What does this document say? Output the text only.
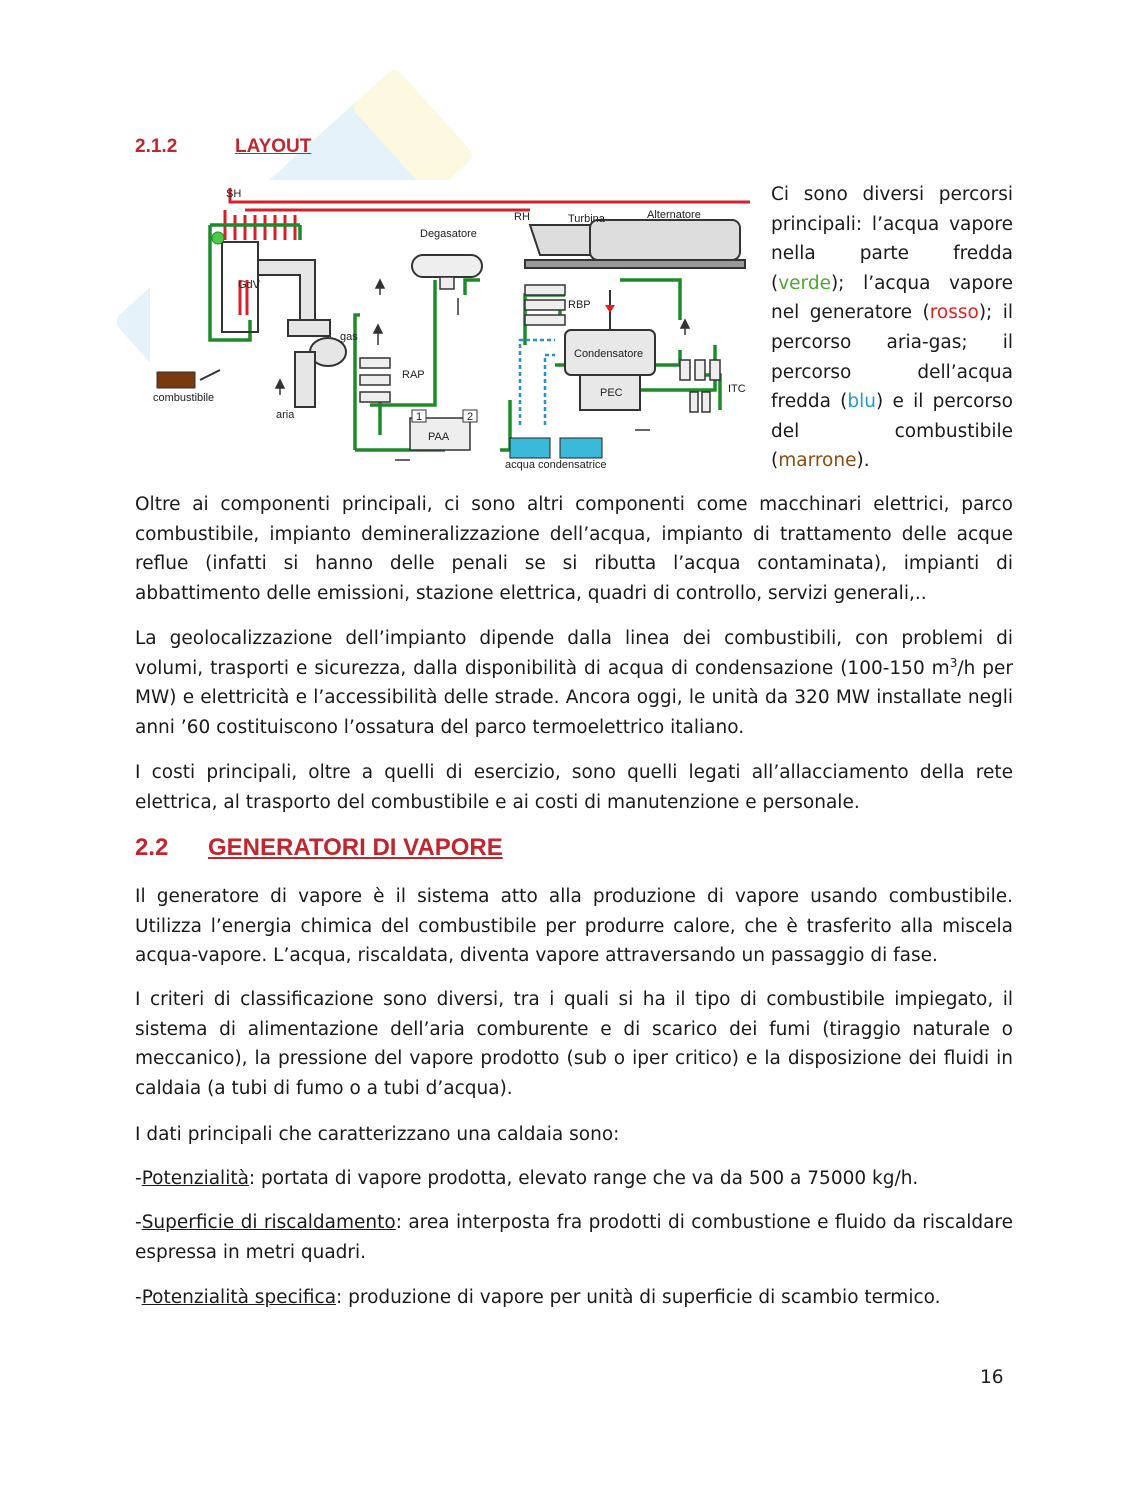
2.1.2	LAYOUT
SH
RH	Turbina	Alternatore
Degasatore
GdV
gas
RBP
Condensatore
RAP
PEC	ITC
PAA
1	2
combustibile
aria
acqua condensatrice
Ci sono diversi percorsi principali: l’acqua vapore nella parte fredda (verde); l’acqua vapore nel generatore (rosso); il percorso aria-gas; il percorso dell’acqua fredda (blu) e il percorso del combustibile (marrone).

Oltre ai componenti principali, ci sono altri componenti come macchinari elettrici, parco combustibile, impianto demineralizzazione dell’acqua, impianto di trattamento delle acque reflue (infatti si hanno delle penali se si ributta l’acqua contaminata), impianti di abbattimento delle emissioni, stazione elettrica, quadri di controllo, servizi generali,..

La geolocalizzazione dell’impianto dipende dalla linea dei combustibili, con problemi di volumi, trasporti e sicurezza, dalla disponibilità di acqua di condensazione (100-150 $m^3/h$ per MW) e elettricità e l’accessibilità delle strade. Ancora oggi, le unità da 320 MW installate negli anni ’60 costituiscono l’ossatura del parco termoelettrico italiano.

I costi principali, oltre a quelli di esercizio, sono quelli legati all’allacciamento della rete elettrica, al trasporto del combustibile e ai costi di manutenzione e personale.

2.2 GENERATORI DI VAPORE

Il generatore di vapore è il sistema atto alla produzione di vapore usando combustibile. Utilizza l’energia chimica del combustibile per produrre calore, che è trasferito alla miscela acqua-vapore. L’acqua, riscaldata, diventa vapore attraversando un passaggio di fase.

I criteri di classificazione sono diversi, tra i quali si ha il tipo di combustibile impiegato, il sistema di alimentazione dell’aria comburente e di scarico dei fumi (tiraggio naturale o meccanico), la pressione del vapore prodotto (sub o iper critico) e la disposizione dei fluidi in caldaia (a tubi di fumo o a tubi d’acqua).

I dati principali che caratterizzano una caldaia sono:

-Potenzialità: portata di vapore prodotta, elevato range che va da 500 a 75000 kg/h.

-Superficie di riscaldamento: area interposta fra prodotti di combustione e fluido da riscaldare espressa in metri quadri.

-Potenzialità specifica: produzione di vapore per unità di superficie di scambio termico.

16
